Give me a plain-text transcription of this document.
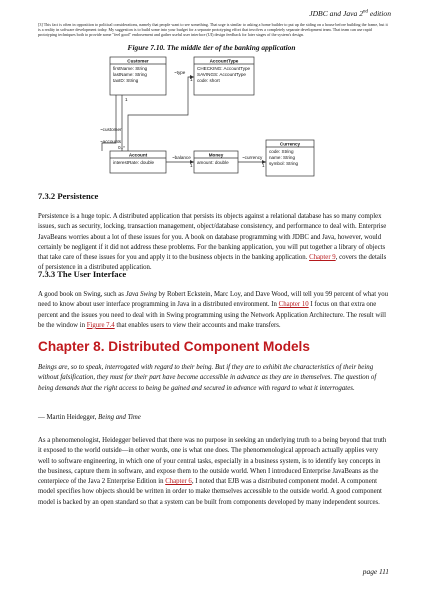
JDBC and Java 2nd edition
[3] This fact is often in opposition to political considerations, namely that people want to see something. That urge is similar to asking a home builder to put up the siding on a house before building the frame, but it is a reality in software development today. My suggestion is to build some into your budget for a separate prototyping effort that involves a completely separate development team. That team can use rapid prototyping techniques both to provide some "feel good" endorsement and gather useful user interface (UI) design feedback for later stages of the system's design.
Figure 7.10. The middle tier of the banking application
Customer
firstName: String
lastName: String
taxID: String
AccountType
CHECKING: AccountType
SAVINGS: AccountType
code: short
Account
interestRate: double
Money
amount: double
Currency
code: String
name: String
symbol: String
~type
~customer
~accounts
~balance	~currency
1
0..*
1
1	1
7.3.2 Persistence
Persistence is a huge topic. A distributed application that persists its objects against a relational database has so many complex issues, such as security, locking, transaction management, object/database consistency, and performance to deal with. Enterprise JavaBeans worries about a lot of these issues for you. A book on database programming with JDBC and Java, however, would certainly be negligent if it did not address these problems. For the banking application, you will put together a library of objects that take care of these issues for you and apply it to the business objects in the banking application. Chapter 9, covers the details of persistence in a distributed application.
7.3.3 The User Interface
A good book on Swing, such as Java Swing by Robert Eckstein, Marc Loy, and Dave Wood, will tell you 99 percent of what you need to know about user interface programming in Java in a distributed environment. In Chapter 10 I focus on that extra one percent and the issues you need to deal with in Swing programming using the Network Application Architecture. The result will be the window in Figure 7.4 that enables users to view their accounts and make transfers.
Chapter 8. Distributed Component Models
Beings are, so to speak, interrogated with regard to their being. But if they are to exhibit the characteristics of their being without falsification, they must for their part have become accessible in advance as they are in themselves. The question of being demands that the right access to being be gained and secured in advance with regard to what it interrogates.
— Martin Heidegger, Being and Time
As a phenomenologist, Heidegger believed that there was no purpose in seeking an underlying truth to a being beyond that truth it exposed to the world outside—in other words, one is what one does. The phenomenological approach actually applies very well to software engineering, in which one of your central tasks, especially in a business system, is to identify key concepts in the business, capture them in software, and expose them to the outside world. When I introduced Enterprise JavaBeans as the centerpiece of the Java 2 Enterprise Edition in Chapter 6, I noted that EJB was a distributed component model. A component model specifies how objects should be written in order to make themselves accessible to the outside world. A good component model is backed by an open standard so that a system can be built from components developed by many independent sources.
page 111
